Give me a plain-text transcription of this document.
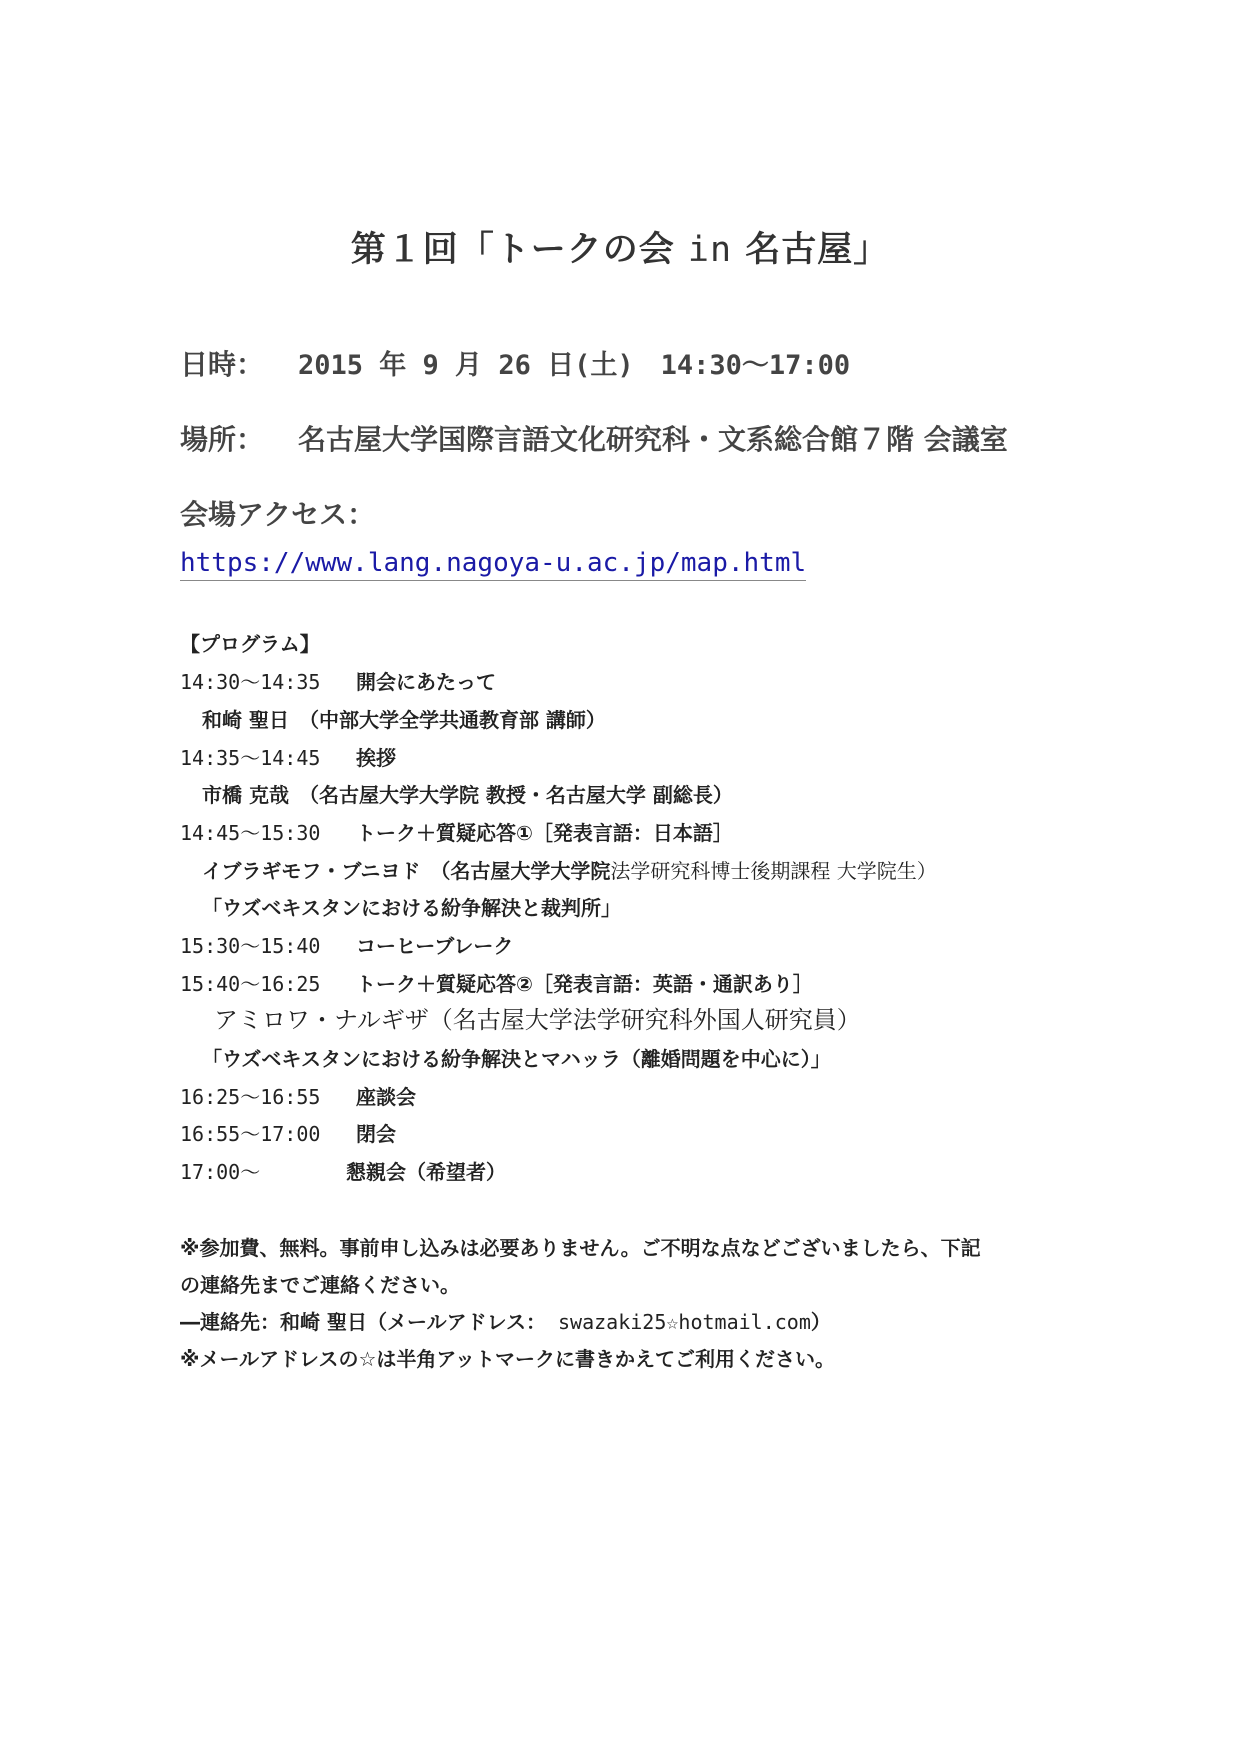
第１回「トークの会 in 名古屋」
日時： 2015 年 9 月 26 日(土)　14:30〜17:00
場所： 名古屋大学国際言語文化研究科・文系総合館７階 会議室
会場アクセス：
https://www.lang.nagoya-u.ac.jp/map.html
【プログラム】
14:30〜14:35 開会にあたって
和崎 聖日　（中部大学全学共通教育部 講師）
14:35〜14:45 挨拶
市橋 克哉　（名古屋大学大学院 教授・名古屋大学 副総長）
14:45〜15:30 トーク＋質疑応答①［発表言語：日本語］
イブラギモフ・ブニヨド　（名古屋大学大学院法学研究科博士後期課程 大学院生）
「ウズベキスタンにおける紛争解決と裁判所」
15:30〜15:40 コーヒーブレーク
15:40〜16:25 トーク＋質疑応答②［発表言語：英語・通訳あり］
アミロワ・ナルギザ（名古屋大学法学研究科外国人研究員）
「ウズベキスタンにおける紛争解決とマハッラ（離婚問題を中心に）」
16:25〜16:55 座談会
16:55〜17:00 閉会
17:00〜	懇親会（希望者）
※参加費、無料。事前申し込みは必要ありません。ご不明な点などございましたら、下記
の連絡先までご連絡ください。
―連絡先：和崎 聖日（メールアドレス： swazaki25☆hotmail.com）
※メールアドレスの☆は半角アットマークに書きかえてご利用ください。
